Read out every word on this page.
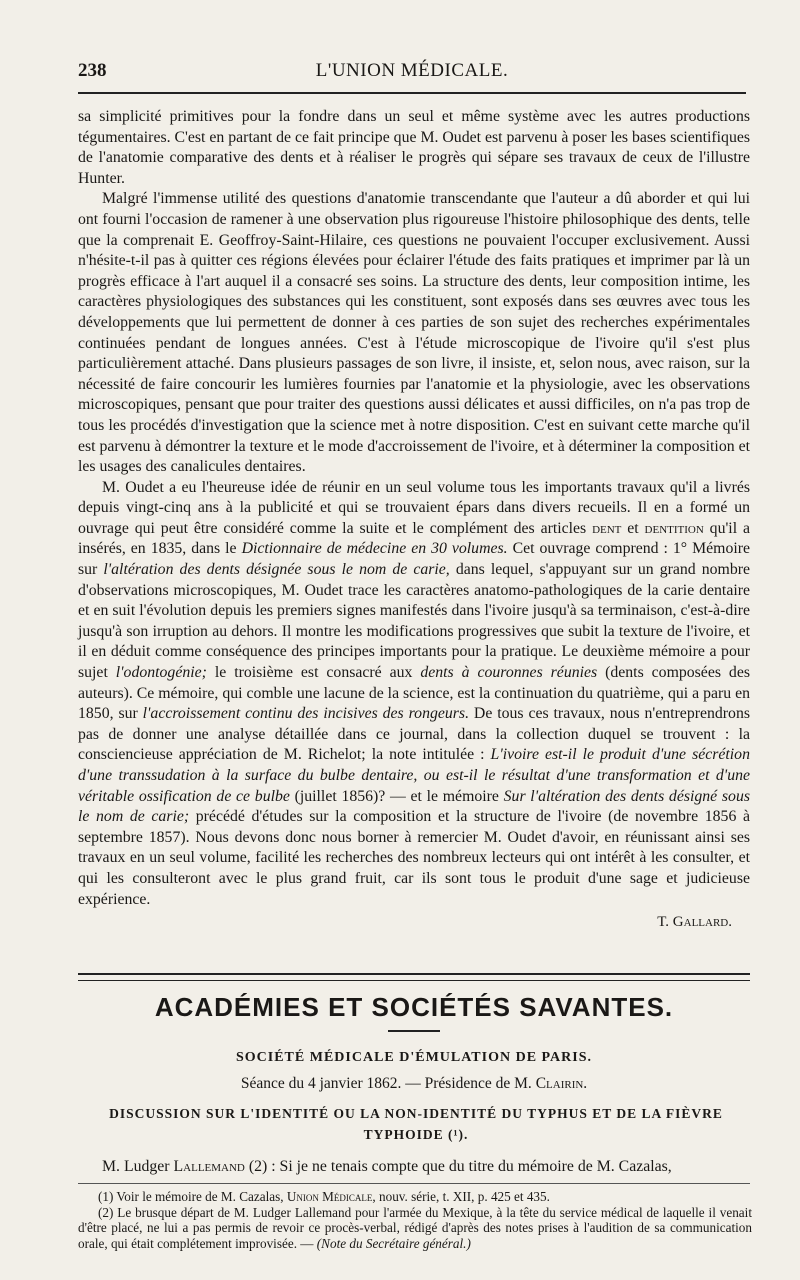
238	L'UNION MÉDICALE.

sa simplicité primitives pour la fondre dans un seul et même système avec les autres productions tégumentaires. C'est en partant de ce fait principe que M. Oudet est parvenu à poser les bases scientifiques de l'anatomie comparative des dents et à réaliser le progrès qui sépare ses travaux de ceux de l'illustre Hunter.

Malgré l'immense utilité des questions d'anatomie transcendante que l'auteur a dû aborder et qui lui ont fourni l'occasion de ramener à une observation plus rigoureuse l'histoire philosophique des dents, telle que la comprenait E. Geoffroy-Saint-Hilaire, ces questions ne pouvaient l'occuper exclusivement. Aussi n'hésite-t-il pas à quitter ces régions élevées pour éclairer l'étude des faits pratiques et imprimer par là un progrès efficace à l'art auquel il a consacré ses soins. La structure des dents, leur composition intime, les caractères physiologiques des substances qui les constituent, sont exposés dans ses œuvres avec tous les développements que lui permettent de donner à ces parties de son sujet des recherches expérimentales continuées pendant de longues années. C'est à l'étude microscopique de l'ivoire qu'il s'est plus particulièrement attaché. Dans plusieurs passages de son livre, il insiste, et, selon nous, avec raison, sur la nécessité de faire concourir les lumières fournies par l'anatomie et la physiologie, avec les observations microscopiques, pensant que pour traiter des questions aussi délicates et aussi difficiles, on n'a pas trop de tous les procédés d'investigation que la science met à notre disposition. C'est en suivant cette marche qu'il est parvenu à démontrer la texture et le mode d'accroissement de l'ivoire, et à déterminer la composition et les usages des canalicules dentaires.

M. Oudet a eu l'heureuse idée de réunir en un seul volume tous les importants travaux qu'il a livrés depuis vingt-cinq ans à la publicité et qui se trouvaient épars dans divers recueils. Il en a formé un ouvrage qui peut être considéré comme la suite et le complément des articles dent et dentition qu'il a insérés, en 1835, dans le Dictionnaire de médecine en 30 volumes. Cet ouvrage comprend : 1° Mémoire sur l'altération des dents désignée sous le nom de carie, dans lequel, s'appuyant sur un grand nombre d'observations microscopiques, M. Oudet trace les caractères anatomo-pathologiques de la carie dentaire et en suit l'évolution depuis les premiers signes manifestés dans l'ivoire jusqu'à sa terminaison, c'est-à-dire jusqu'à son irruption au dehors. Il montre les modifications progressives que subit la texture de l'ivoire, et il en déduit comme conséquence des principes importants pour la pratique. Le deuxième mémoire a pour sujet l'odontogénie; le troisième est consacré aux dents à couronnes réunies (dents composées des auteurs). Ce mémoire, qui comble une lacune de la science, est la continuation du quatrième, qui a paru en 1850, sur l'accroissement continu des incisives des rongeurs. De tous ces travaux, nous n'entreprendrons pas de donner une analyse détaillée dans ce journal, dans la collection duquel se trouvent : la consciencieuse appréciation de M. Richelot; la note intitulée : L'ivoire est-il le produit d'une sécrétion d'une transsudation à la surface du bulbe dentaire, ou est-il le résultat d'une transformation et d'une véritable ossification de ce bulbe (juillet 1856)? — et le mémoire Sur l'altération des dents désigné sous le nom de carie; précédé d'études sur la composition et la structure de l'ivoire (de novembre 1856 à septembre 1857). Nous devons donc nous borner à remercier M. Oudet d'avoir, en réunissant ainsi ses travaux en un seul volume, facilité les recherches des nombreux lecteurs qui ont intérêt à les consulter, et qui les consulteront avec le plus grand fruit, car ils sont tous le produit d'une sage et judicieuse expérience.

T. Gallard.
ACADÉMIES ET SOCIÉTÉS SAVANTES.
SOCIÉTÉ MÉDICALE D'ÉMULATION DE PARIS.
Séance du 4 janvier 1862. — Présidence de M. Clairin.
DISCUSSION SUR L'IDENTITÉ OU LA NON-IDENTITÉ DU TYPHUS ET DE LA FIÈVRE TYPHOIDE (¹).
M. Ludger Lallemand (2) : Si je ne tenais compte que du titre du mémoire de M. Cazalas,

(1) Voir le mémoire de M. Cazalas, Union Médicale, nouv. série, t. XII, p. 425 et 435.

(2) Le brusque départ de M. Ludger Lallemand pour l'armée du Mexique, à la tête du service médical de laquelle il venait d'être placé, ne lui a pas permis de revoir ce procès-verbal, rédigé d'après des notes prises à l'audition de sa communication orale, qui était complétement improvisée. — (Note du Secrétaire général.)
